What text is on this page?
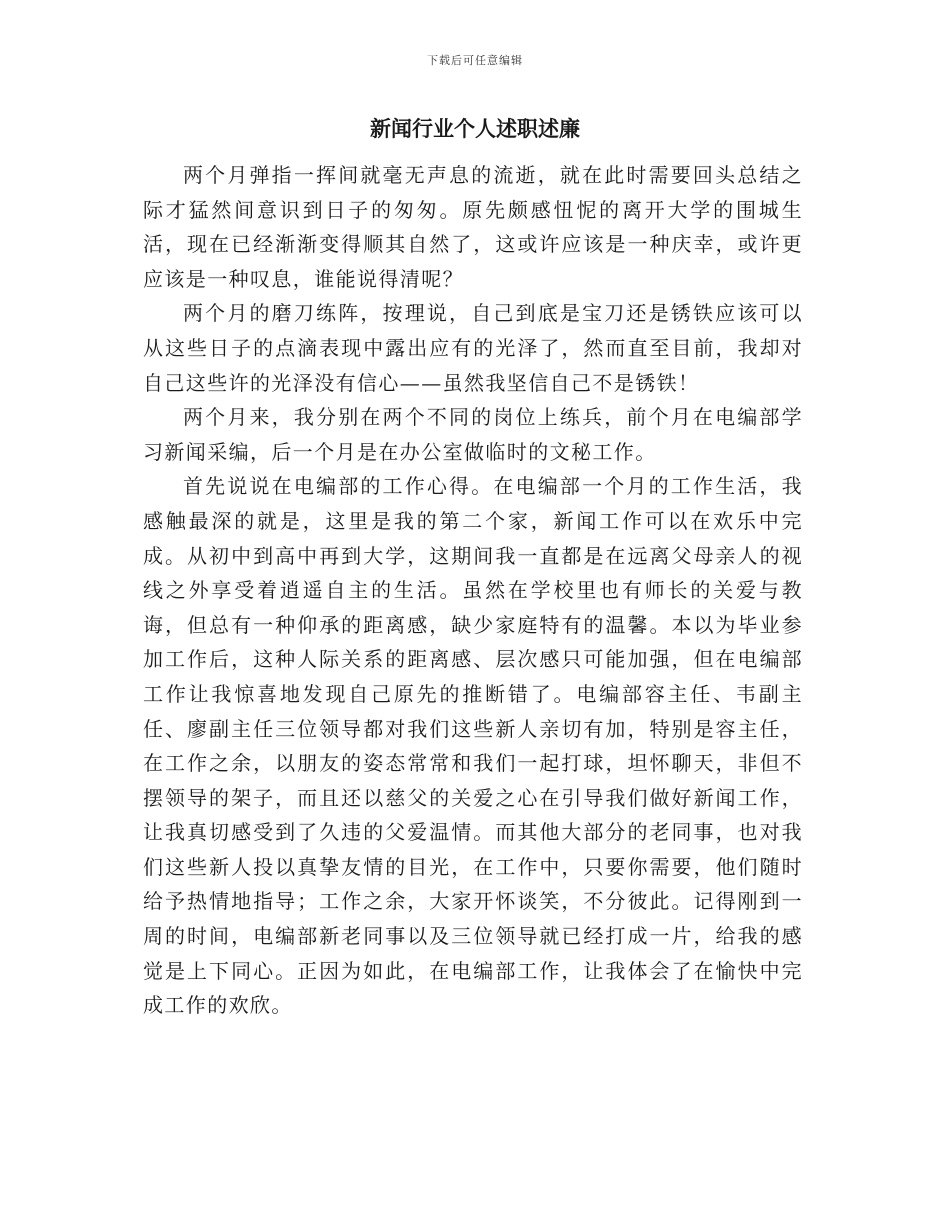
下载后可任意编辑
新闻行业个人述职述廉

两个月弹指一挥间就毫无声息的流逝，就在此时需要回头总结之际才猛然间意识到日子的匆匆。原先颇感忸怩的离开大学的围城生活，现在已经渐渐变得顺其自然了，这或许应该是一种庆幸，或许更应该是一种叹息，谁能说得清呢？

两个月的磨刀练阵，按理说，自己到底是宝刀还是锈铁应该可以从这些日子的点滴表现中露出应有的光泽了，然而直至目前，我却对自己这些许的光泽没有信心——虽然我坚信自己不是锈铁！

两个月来，我分别在两个不同的岗位上练兵，前个月在电编部学习新闻采编，后一个月是在办公室做临时的文秘工作。

首先说说在电编部的工作心得。在电编部一个月的工作生活，我感触最深的就是，这里是我的第二个家，新闻工作可以在欢乐中完成。从初中到高中再到大学，这期间我一直都是在远离父母亲人的视线之外享受着逍遥自主的生活。虽然在学校里也有师长的关爱与教诲，但总有一种仰承的距离感，缺少家庭特有的温馨。本以为毕业参加工作后，这种人际关系的距离感、层次感只可能加强，但在电编部工作让我惊喜地发现自己原先的推断错了。电编部容主任、韦副主任、廖副主任三位领导都对我们这些新人亲切有加，特别是容主任，在工作之余，以朋友的姿态常常和我们一起打球，坦怀聊天，非但不摆领导的架子，而且还以慈父的关爱之心在引导我们做好新闻工作，让我真切感受到了久违的父爱温情。而其他大部分的老同事，也对我们这些新人投以真挚友情的目光，在工作中，只要你需要，他们随时给予热情地指导；工作之余，大家开怀谈笑，不分彼此。记得刚到一周的时间，电编部新老同事以及三位领导就已经打成一片，给我的感觉是上下同心。正因为如此，在电编部工作，让我体会了在愉快中完成工作的欢欣。
